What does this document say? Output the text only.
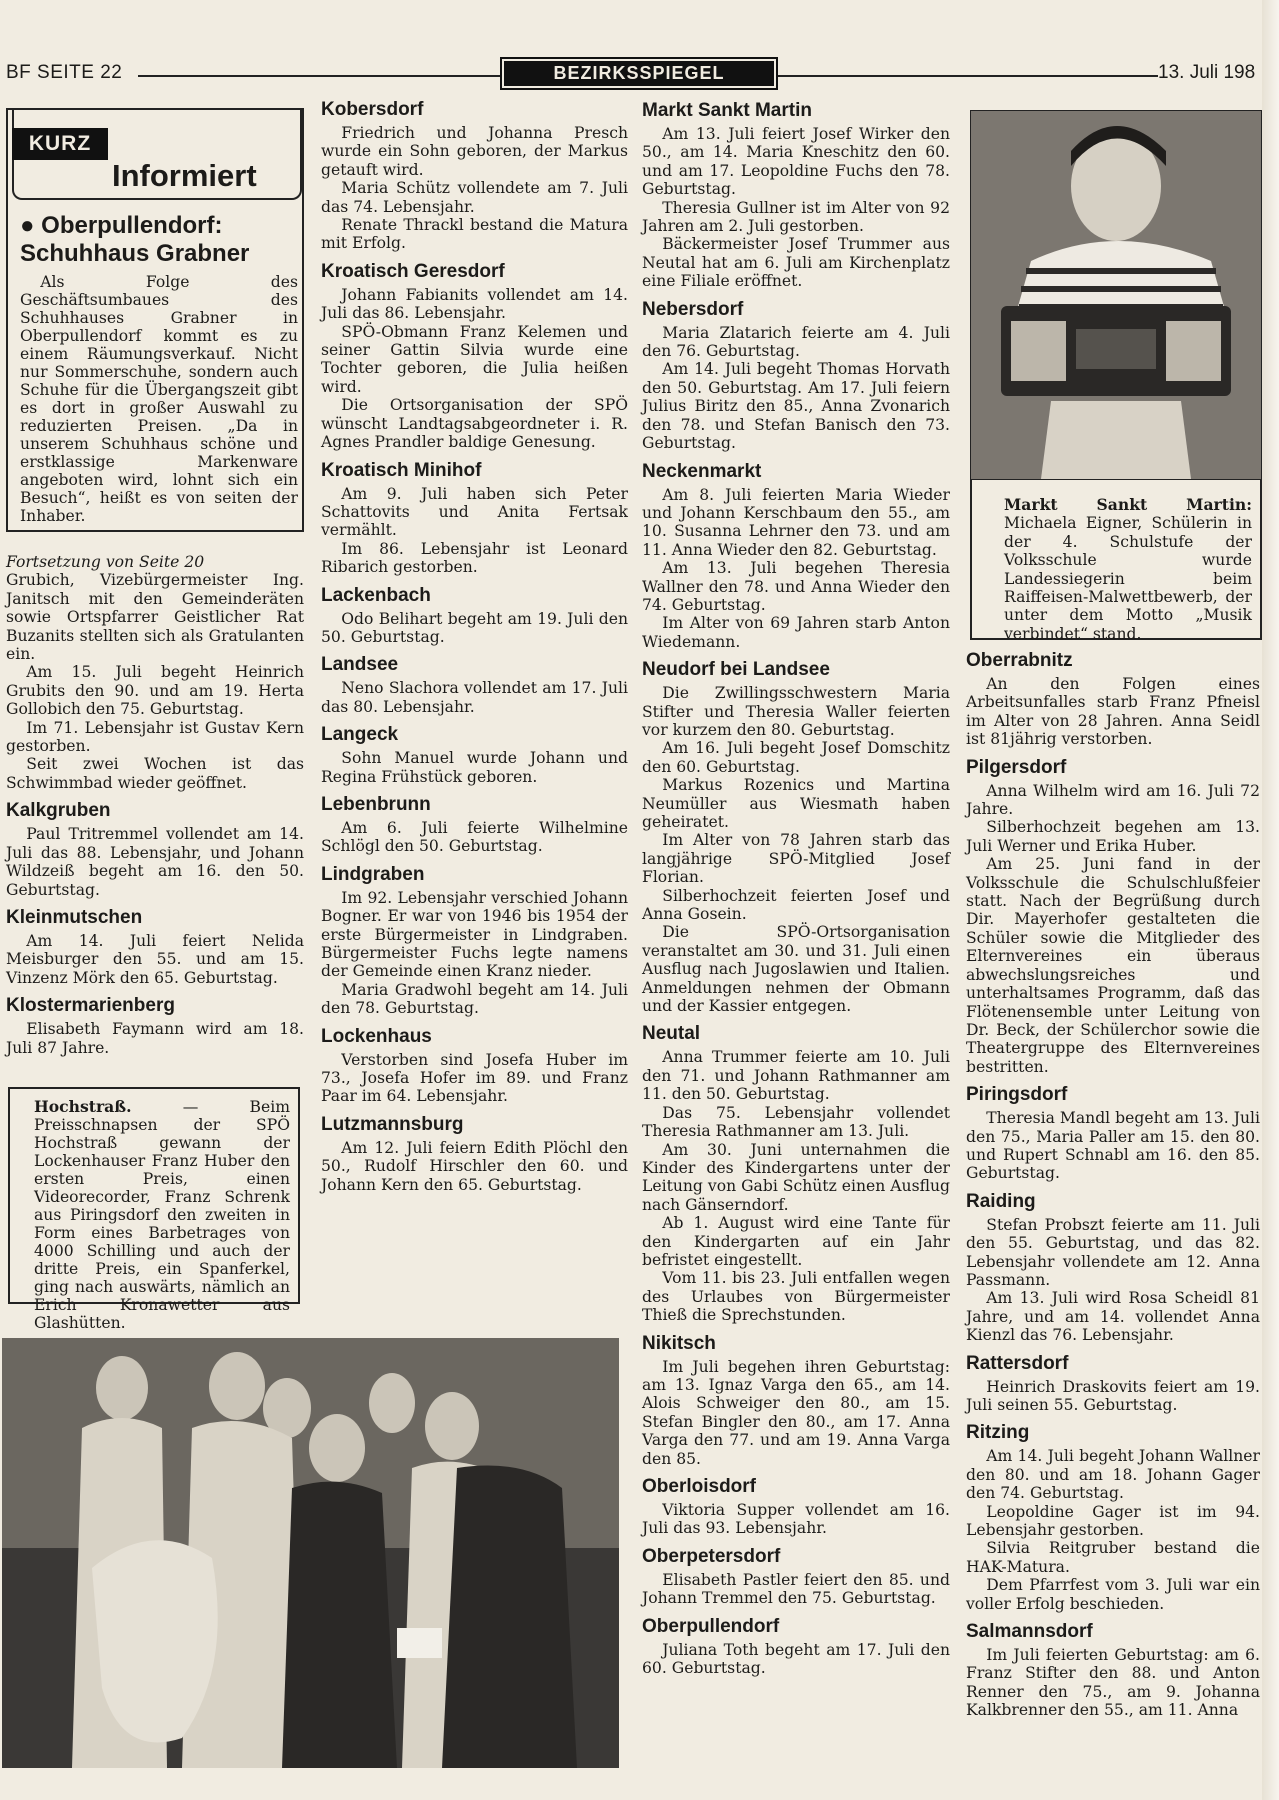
BF SEITE 22	BEZIRKSSPIEGEL	13. Juli 198
KURZ
Informiert
● Oberpullendorf: Schuhhaus Grabner

Als Folge des Geschäftsumbaues des Schuhhauses Grabner in Oberpullendorf kommt es zu einem Räumungsverkauf. Nicht nur Sommerschuhe, sondern auch Schuhe für die Übergangszeit gibt es dort in großer Auswahl zu reduzierten Preisen. „Da in unserem Schuhhaus schöne und erstklassige Markenware angeboten wird, lohnt sich ein Besuch“, heißt es von seiten der Inhaber.

Fortsetzung von Seite 20

Grubich, Vizebürgermeister Ing. Janitsch mit den Gemeinderäten sowie Ortspfarrer Geistlicher Rat Buzanits stellten sich als Gratulanten ein.

Am 15. Juli begeht Heinrich Grubits den 90. und am 19. Herta Gollobich den 75. Geburtstag.

Im 71. Lebensjahr ist Gustav Kern gestorben.

Seit zwei Wochen ist das Schwimmbad wieder geöffnet.

Kalkgruben

Paul Tritremmel vollendet am 14. Juli das 88. Lebensjahr, und Johann Wildzeiß begeht am 16. den 50. Geburtstag.

Kleinmutschen

Am 14. Juli feiert Nelida Meisburger den 55. und am 15. Vinzenz Mörk den 65. Geburtstag.

Klostermarienberg

Elisabeth Faymann wird am 18. Juli 87 Jahre.

Hochstraß. — Beim Preisschnapsen der SPÖ Hochstraß gewann der Lockenhauser Franz Huber den ersten Preis, einen Videorecorder, Franz Schrenk aus Piringsdorf den zweiten in Form eines Barbetrages von 4000 Schilling und auch der dritte Preis, ein Spanferkel, ging nach auswärts, nämlich an Erich Kronawetter aus Glashütten.
Kobersdorf

Friedrich und Johanna Presch wurde ein Sohn geboren, der Markus getauft wird.

Maria Schütz vollendete am 7. Juli das 74. Lebensjahr.

Renate Thrackl bestand die Matura mit Erfolg.

Kroatisch Geresdorf

Johann Fabianits vollendet am 14. Juli das 86. Lebensjahr.

SPÖ-Obmann Franz Kelemen und seiner Gattin Silvia wurde eine Tochter geboren, die Julia heißen wird.

Die Ortsorganisation der SPÖ wünscht Landtagsabgeordneter i. R. Agnes Prandler baldige Genesung.

Kroatisch Minihof

Am 9. Juli haben sich Peter Schattovits und Anita Fertsak vermählt.

Im 86. Lebensjahr ist Leonard Ribarich gestorben.

Lackenbach

Odo Belihart begeht am 19. Juli den 50. Geburtstag.

Landsee

Neno Slachora vollendet am 17. Juli das 80. Lebensjahr.

Langeck

Sohn Manuel wurde Johann und Regina Frühstück geboren.

Lebenbrunn

Am 6. Juli feierte Wilhelmine Schlögl den 50. Geburtstag.

Lindgraben

Im 92. Lebensjahr verschied Johann Bogner. Er war von 1946 bis 1954 der erste Bürgermeister in Lindgraben. Bürgermeister Fuchs legte namens der Gemeinde einen Kranz nieder.

Maria Gradwohl begeht am 14. Juli den 78. Geburtstag.

Lockenhaus

Verstorben sind Josefa Huber im 73., Josefa Hofer im 89. und Franz Paar im 64. Lebensjahr.

Lutzmannsburg

Am 12. Juli feiern Edith Plöchl den 50., Rudolf Hirschler den 60. und Johann Kern den 65. Geburtstag.

Markt Sankt Martin

Am 13. Juli feiert Josef Wirker den 50., am 14. Maria Kneschitz den 60. und am 17. Leopoldine Fuchs den 78. Geburtstag.

Theresia Gullner ist im Alter von 92 Jahren am 2. Juli gestorben.

Bäckermeister Josef Trummer aus Neutal hat am 6. Juli am Kirchenplatz eine Filiale eröffnet.

Nebersdorf

Maria Zlatarich feierte am 4. Juli den 76. Geburtstag.

Am 14. Juli begeht Thomas Horvath den 50. Geburtstag. Am 17. Juli feiern Julius Biritz den 85., Anna Zvonarich den 78. und Stefan Banisch den 73. Geburtstag.

Neckenmarkt

Am 8. Juli feierten Maria Wieder und Johann Kerschbaum den 55., am 10. Susanna Lehrner den 73. und am 11. Anna Wieder den 82. Geburtstag.

Am 13. Juli begehen Theresia Wallner den 78. und Anna Wieder den 74. Geburtstag.

Im Alter von 69 Jahren starb Anton Wiedemann.

Neudorf bei Landsee

Die Zwillingsschwestern Maria Stifter und Theresia Waller feierten vor kurzem den 80. Geburtstag.

Am 16. Juli begeht Josef Domschitz den 60. Geburtstag.

Markus Rozenics und Martina Neumüller aus Wiesmath haben geheiratet.

Im Alter von 78 Jahren starb das langjährige SPÖ-Mitglied Josef Florian.

Silberhochzeit feierten Josef und Anna Gosein.

Die SPÖ-Ortsorganisation veranstaltet am 30. und 31. Juli einen Ausflug nach Jugoslawien und Italien. Anmeldungen nehmen der Obmann und der Kassier entgegen.

Neutal

Anna Trummer feierte am 10. Juli den 71. und Johann Rathmanner am 11. den 50. Geburtstag.

Das 75. Lebensjahr vollendet Theresia Rathmanner am 13. Juli.

Am 30. Juni unternahmen die Kinder des Kindergartens unter der Leitung von Gabi Schütz einen Ausflug nach Gänserndorf.

Ab 1. August wird eine Tante für den Kindergarten auf ein Jahr befristet eingestellt.

Vom 11. bis 23. Juli entfallen wegen des Urlaubes von Bürgermeister Thieß die Sprechstunden.

Nikitsch

Im Juli begehen ihren Geburtstag: am 13. Ignaz Varga den 65., am 14. Alois Schweiger den 80., am 15. Stefan Bingler den 80., am 17. Anna Varga den 77. und am 19. Anna Varga den 85.

Oberloisdorf

Viktoria Supper vollendet am 16. Juli das 93. Lebensjahr.

Oberpetersdorf

Elisabeth Pastler feiert den 85. und Johann Tremmel den 75. Geburtstag.

Oberpullendorf

Juliana Toth begeht am 17. Juli den 60. Geburtstag.

Markt Sankt Martin: Michaela Eigner, Schülerin in der 4. Schulstufe der Volksschule wurde Landessiegerin beim Raiffeisen-Malwettbewerb, der unter dem Motto „Musik verbindet“ stand.
Oberrabnitz

An den Folgen eines Arbeitsunfalles starb Franz Pfneisl im Alter von 28 Jahren. Anna Seidl ist 81jährig verstorben.

Pilgersdorf

Anna Wilhelm wird am 16. Juli 72 Jahre.

Silberhochzeit begehen am 13. Juli Werner und Erika Huber.

Am 25. Juni fand in der Volksschule die Schulschlußfeier statt. Nach der Begrüßung durch Dir. Mayerhofer gestalteten die Schüler sowie die Mitglieder des Elternvereines ein überaus abwechslungsreiches und unterhaltsames Programm, daß das Flötenensemble unter Leitung von Dr. Beck, der Schülerchor sowie die Theatergruppe des Elternvereines bestritten.

Piringsdorf

Theresia Mandl begeht am 13. Juli den 75., Maria Paller am 15. den 80. und Rupert Schnabl am 16. den 85. Geburtstag.

Raiding

Stefan Probszt feierte am 11. Juli den 55. Geburtstag, und das 82. Lebensjahr vollendete am 12. Anna Passmann.

Am 13. Juli wird Rosa Scheidl 81 Jahre, und am 14. vollendet Anna Kienzl das 76. Lebensjahr.

Rattersdorf

Heinrich Draskovits feiert am 19. Juli seinen 55. Geburtstag.

Ritzing

Am 14. Juli begeht Johann Wallner den 80. und am 18. Johann Gager den 74. Geburtstag.

Leopoldine Gager ist im 94. Lebensjahr gestorben.

Silvia Reitgruber bestand die HAK-Matura.

Dem Pfarrfest vom 3. Juli war ein voller Erfolg beschieden.

Salmannsdorf

Im Juli feierten Geburtstag: am 6. Franz Stifter den 88. und Anton Renner den 75., am 9. Johanna Kalkbrenner den 55., am 11. Anna
